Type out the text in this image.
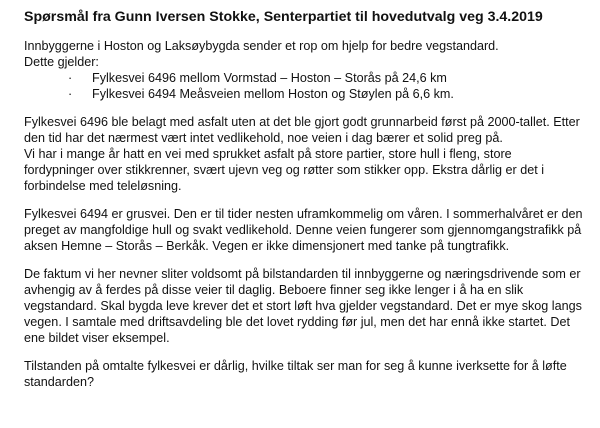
Spørsmål fra Gunn Iversen Stokke, Senterpartiet til hovedutvalg veg 3.4.2019
Innbyggerne i Hoston og Laksøybygda sender et rop om hjelp for bedre vegstandard.
Dette gjelder:
· Fylkesvei 6496 mellom Vormstad – Hoston – Storås på 24,6 km
· Fylkesvei 6494 Meåsveien mellom Hoston og Støylen på 6,6 km.
Fylkesvei 6496 ble belagt med asfalt uten at det ble gjort godt grunnarbeid først på 2000-tallet. Etter
den tid har det nærmest vært intet vedlikehold, noe veien i dag bærer et solid preg på.
Vi har i mange år hatt en vei med sprukket asfalt på store partier, store hull i fleng, store
fordypninger over stikkrenner, svært ujevn veg og røtter som stikker opp. Ekstra dårlig er det i
forbindelse med teleløsning.
Fylkesvei 6494 er grusvei. Den er til tider nesten uframkommelig om våren. I sommerhalvåret er den
preget av mangfoldige hull og svakt vedlikehold. Denne veien fungerer som gjennomgangstrafikk på
aksen Hemne – Storås – Berkåk. Vegen er ikke dimensjonert med tanke på tungtrafikk.
De faktum vi her nevner sliter voldsomt på bilstandarden til innbyggerne og næringsdrivende som er
avhengig av å ferdes på disse veier til daglig. Beboere finner seg ikke lenger i å ha en slik
vegstandard. Skal bygda leve krever det et stort løft hva gjelder vegstandard. Det er mye skog langs
vegen. I samtale med driftsavdeling ble det lovet rydding før jul, men det har ennå ikke startet. Det
ene bildet viser eksempel.
Tilstanden på omtalte fylkesvei er dårlig, hvilke tiltak ser man for seg å kunne iverksette for å løfte
standarden?
